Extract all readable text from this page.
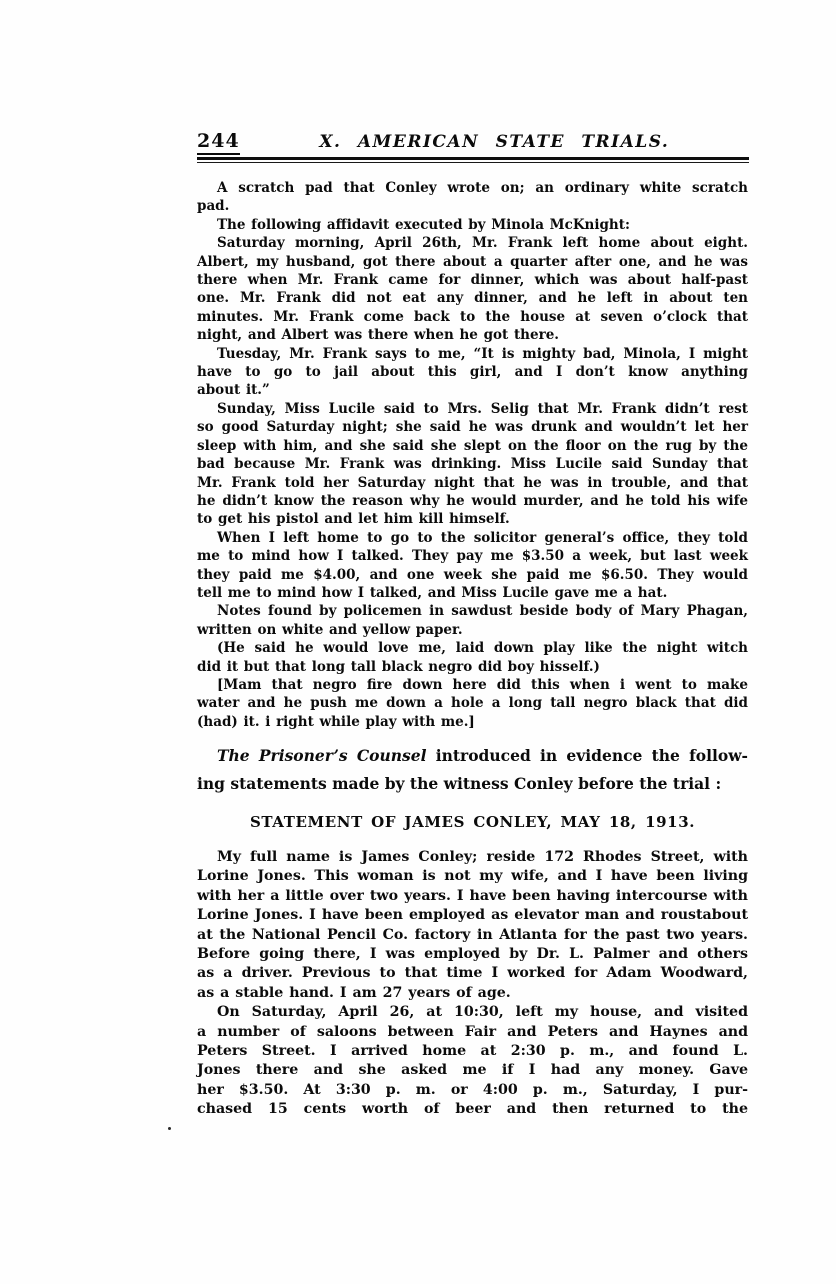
244	X. AMERICAN STATE TRIALS.
A scratch pad that Conley wrote on; an ordinary white scratch
pad.
The following affidavit executed by Minola McKnight:
Saturday morning, April 26th, Mr. Frank left home about eight.
Albert, my husband, got there about a quarter after one, and he was
there when Mr. Frank came for dinner, which was about half-past
one. Mr. Frank did not eat any dinner, and he left in about ten
minutes. Mr. Frank come back to the house at seven o’clock that
night, and Albert was there when he got there.
Tuesday, Mr. Frank says to me, “It is mighty bad, Minola, I might
have to go to jail about this girl, and I don’t know anything
about it.”
Sunday, Miss Lucile said to Mrs. Selig that Mr. Frank didn’t rest
so good Saturday night; she said he was drunk and wouldn’t let her
sleep with him, and she said she slept on the floor on the rug by the
bad because Mr. Frank was drinking. Miss Lucile said Sunday that
Mr. Frank told her Saturday night that he was in trouble, and that
he didn’t know the reason why he would murder, and he told his wife
to get his pistol and let him kill himself.
When I left home to go to the solicitor general’s office, they told
me to mind how I talked. They pay me $3.50 a week, but last week
they paid me $4.00, and one week she paid me $6.50. They would
tell me to mind how I talked, and Miss Lucile gave me a hat.
Notes found by policemen in sawdust beside body of Mary Phagan,
written on white and yellow paper.
(He said he would love me, laid down play like the night witch
did it but that long tall black negro did boy hisself.)
[Mam that negro fire down here did this when i went to make
water and he push me down a hole a long tall negro black that did
(had) it. i right while play with me.]
The Prisoner’s Counsel introduced in evidence the follow-
ing statements made by the witness Conley before the trial :
STATEMENT OF JAMES CONLEY, MAY 18, 1913.
My full name is James Conley; reside 172 Rhodes Street, with
Lorine Jones. This woman is not my wife, and I have been living
with her a little over two years. I have been having intercourse with
Lorine Jones. I have been employed as elevator man and roustabout
at the National Pencil Co. factory in Atlanta for the past two years.
Before going there, I was employed by Dr. L. Palmer and others
as a driver. Previous to that time I worked for Adam Woodward,
as a stable hand. I am 27 years of age.
On Saturday, April 26, at 10:30, left my house, and visited
a number of saloons between Fair and Peters and Haynes and
Peters Street. I arrived home at 2:30 p. m., and found L.
Jones there and she asked me if I had any money. Gave
her $3.50. At 3:30 p. m. or 4:00 p. m., Saturday, I pur-
chased 15 cents worth of beer and then returned to the
